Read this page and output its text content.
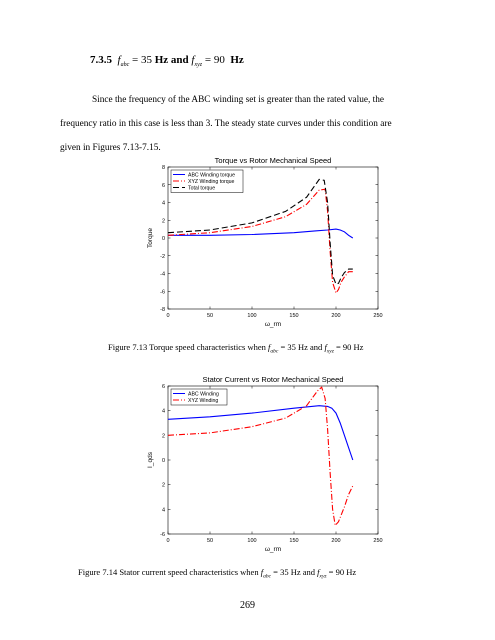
7.3.5 $f_{abc} = 35$ Hz and $f_{xyz} = 90$ Hz
Since the frequency of the ABC winding set is greater than the rated value, the
frequency ratio in this case is less than 3. The steady state curves under this condition are
given in Figures 7.13-7.15.
Torque vs Rotor Mechanical Speed
0	50	100	150	200	250
8
6
4
2
0
-2
-4
-6
-8
ω_rm
Torque
ABC Winding torque
XYZ Winding torque
Total torque
Figure 7.13 Torque speed characteristics when $f_{abc} = 35$ Hz and $f_{xyz} = 90$ Hz
Stator Current vs Rotor Mechanical Speed
0	50	100	150	200	250
6
4
2
0
2
4
-6
ω_rm
I_qds
ABC Winding
XYZ Winding
Figure 7.14 Stator current speed characteristics when $f_{abc} = 35$ Hz and $f_{xyz} = 90$ Hz
269
